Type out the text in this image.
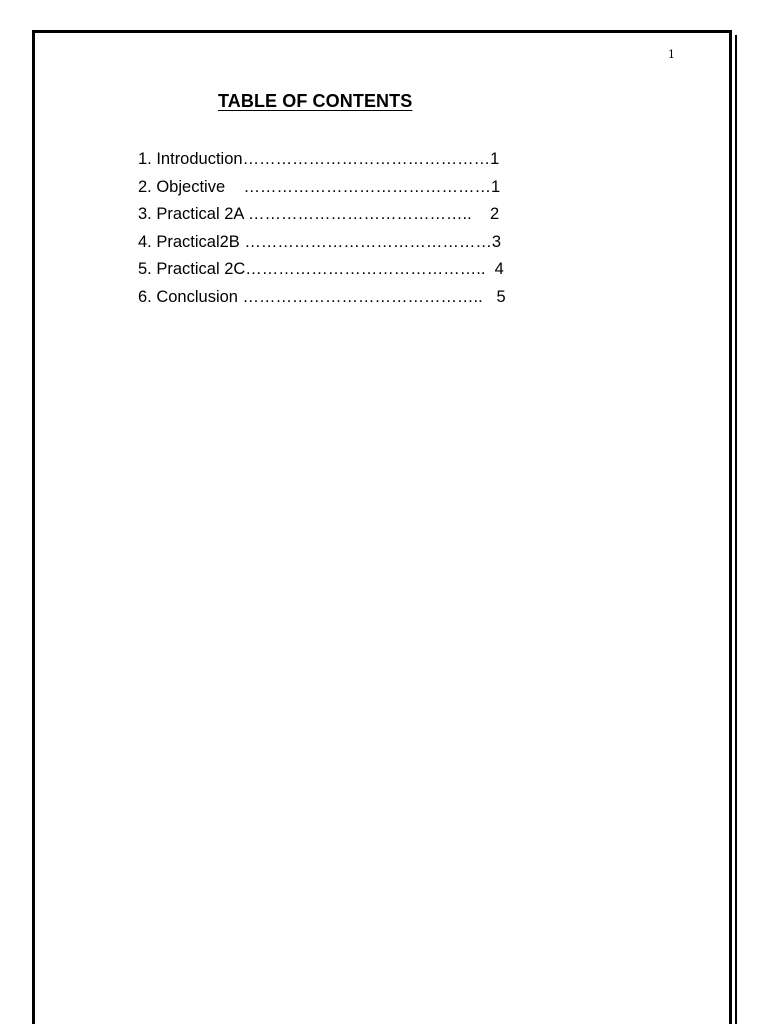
1
TABLE OF CONTENTS
1. Introduction………………………………………1
2. Objective    ………………………………………1
3. Practical 2A …………………………………..    2
4. Practical2B ………………………………………3
5. Practical 2C……………………………………..  4
6. Conclusion ……………………………………..   5
